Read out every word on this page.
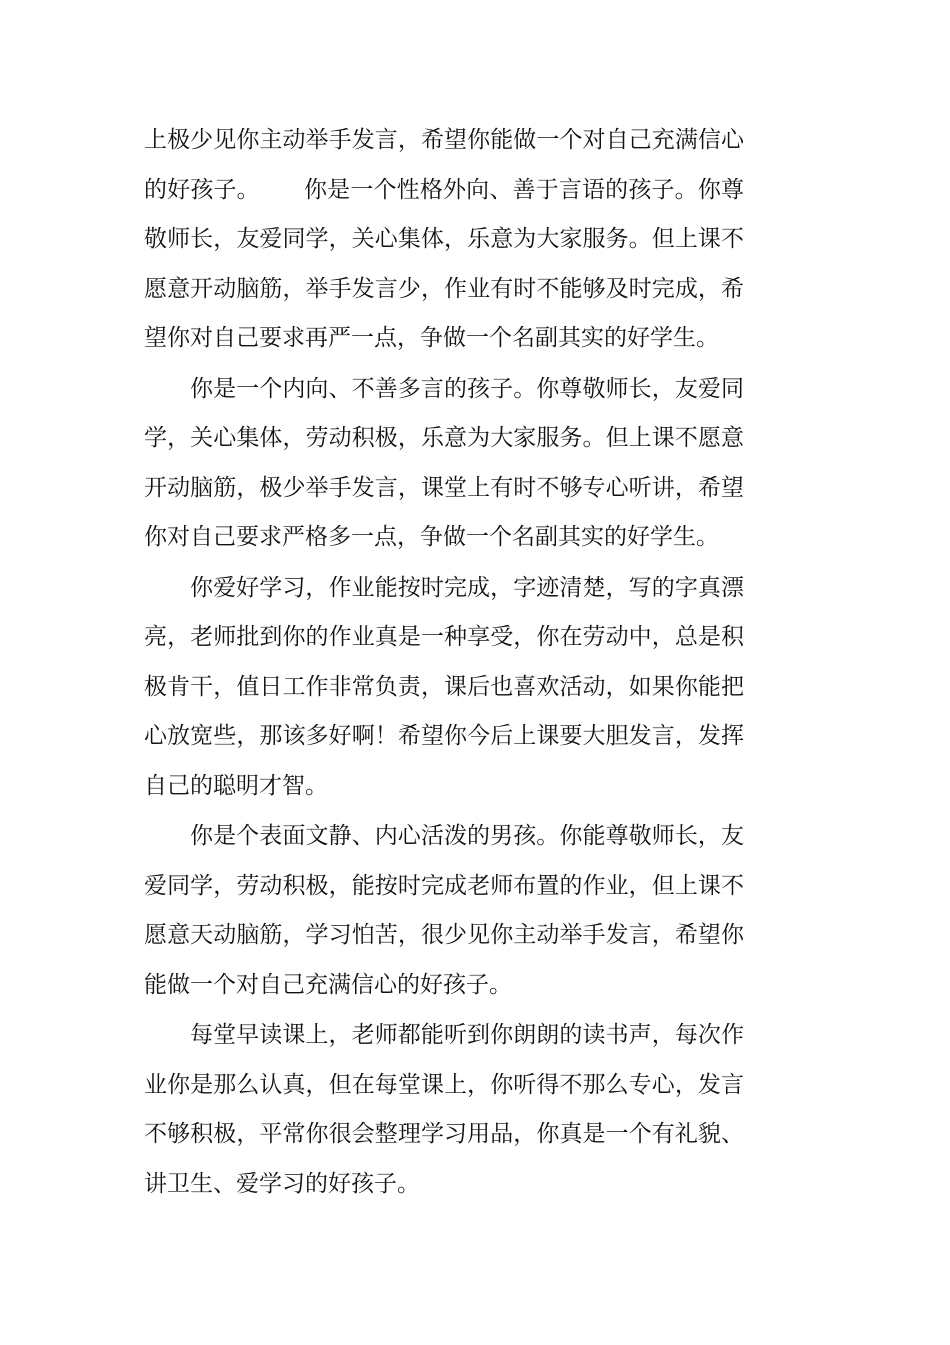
上极少见你主动举手发言，希望你能做一个对自己充满信心的好孩子。 你是一个性格外向、善于言语的孩子。你尊敬师长，友爱同学，关心集体，乐意为大家服务。但上课不愿意开动脑筋，举手发言少，作业有时不能够及时完成，希望你对自己要求再严一点，争做一个名副其实的好学生。

你是一个内向、不善多言的孩子。你尊敬师长，友爱同学，关心集体，劳动积极，乐意为大家服务。但上课不愿意开动脑筋，极少举手发言，课堂上有时不够专心听讲，希望你对自己要求严格多一点，争做一个名副其实的好学生。

你爱好学习，作业能按时完成，字迹清楚，写的字真漂亮，老师批到你的作业真是一种享受，你在劳动中，总是积极肯干，值日工作非常负责，课后也喜欢活动，如果你能把心放宽些，那该多好啊！希望你今后上课要大胆发言，发挥自己的聪明才智。

你是个表面文静、内心活泼的男孩。你能尊敬师长，友爱同学，劳动积极，能按时完成老师布置的作业，但上课不愿意天动脑筋，学习怕苦，很少见你主动举手发言，希望你能做一个对自己充满信心的好孩子。

每堂早读课上，老师都能听到你朗朗的读书声，每次作业你是那么认真，但在每堂课上，你听得不那么专心，发言不够积极，平常你很会整理学习用品，你真是一个有礼貌、讲卫生、爱学习的好孩子。
